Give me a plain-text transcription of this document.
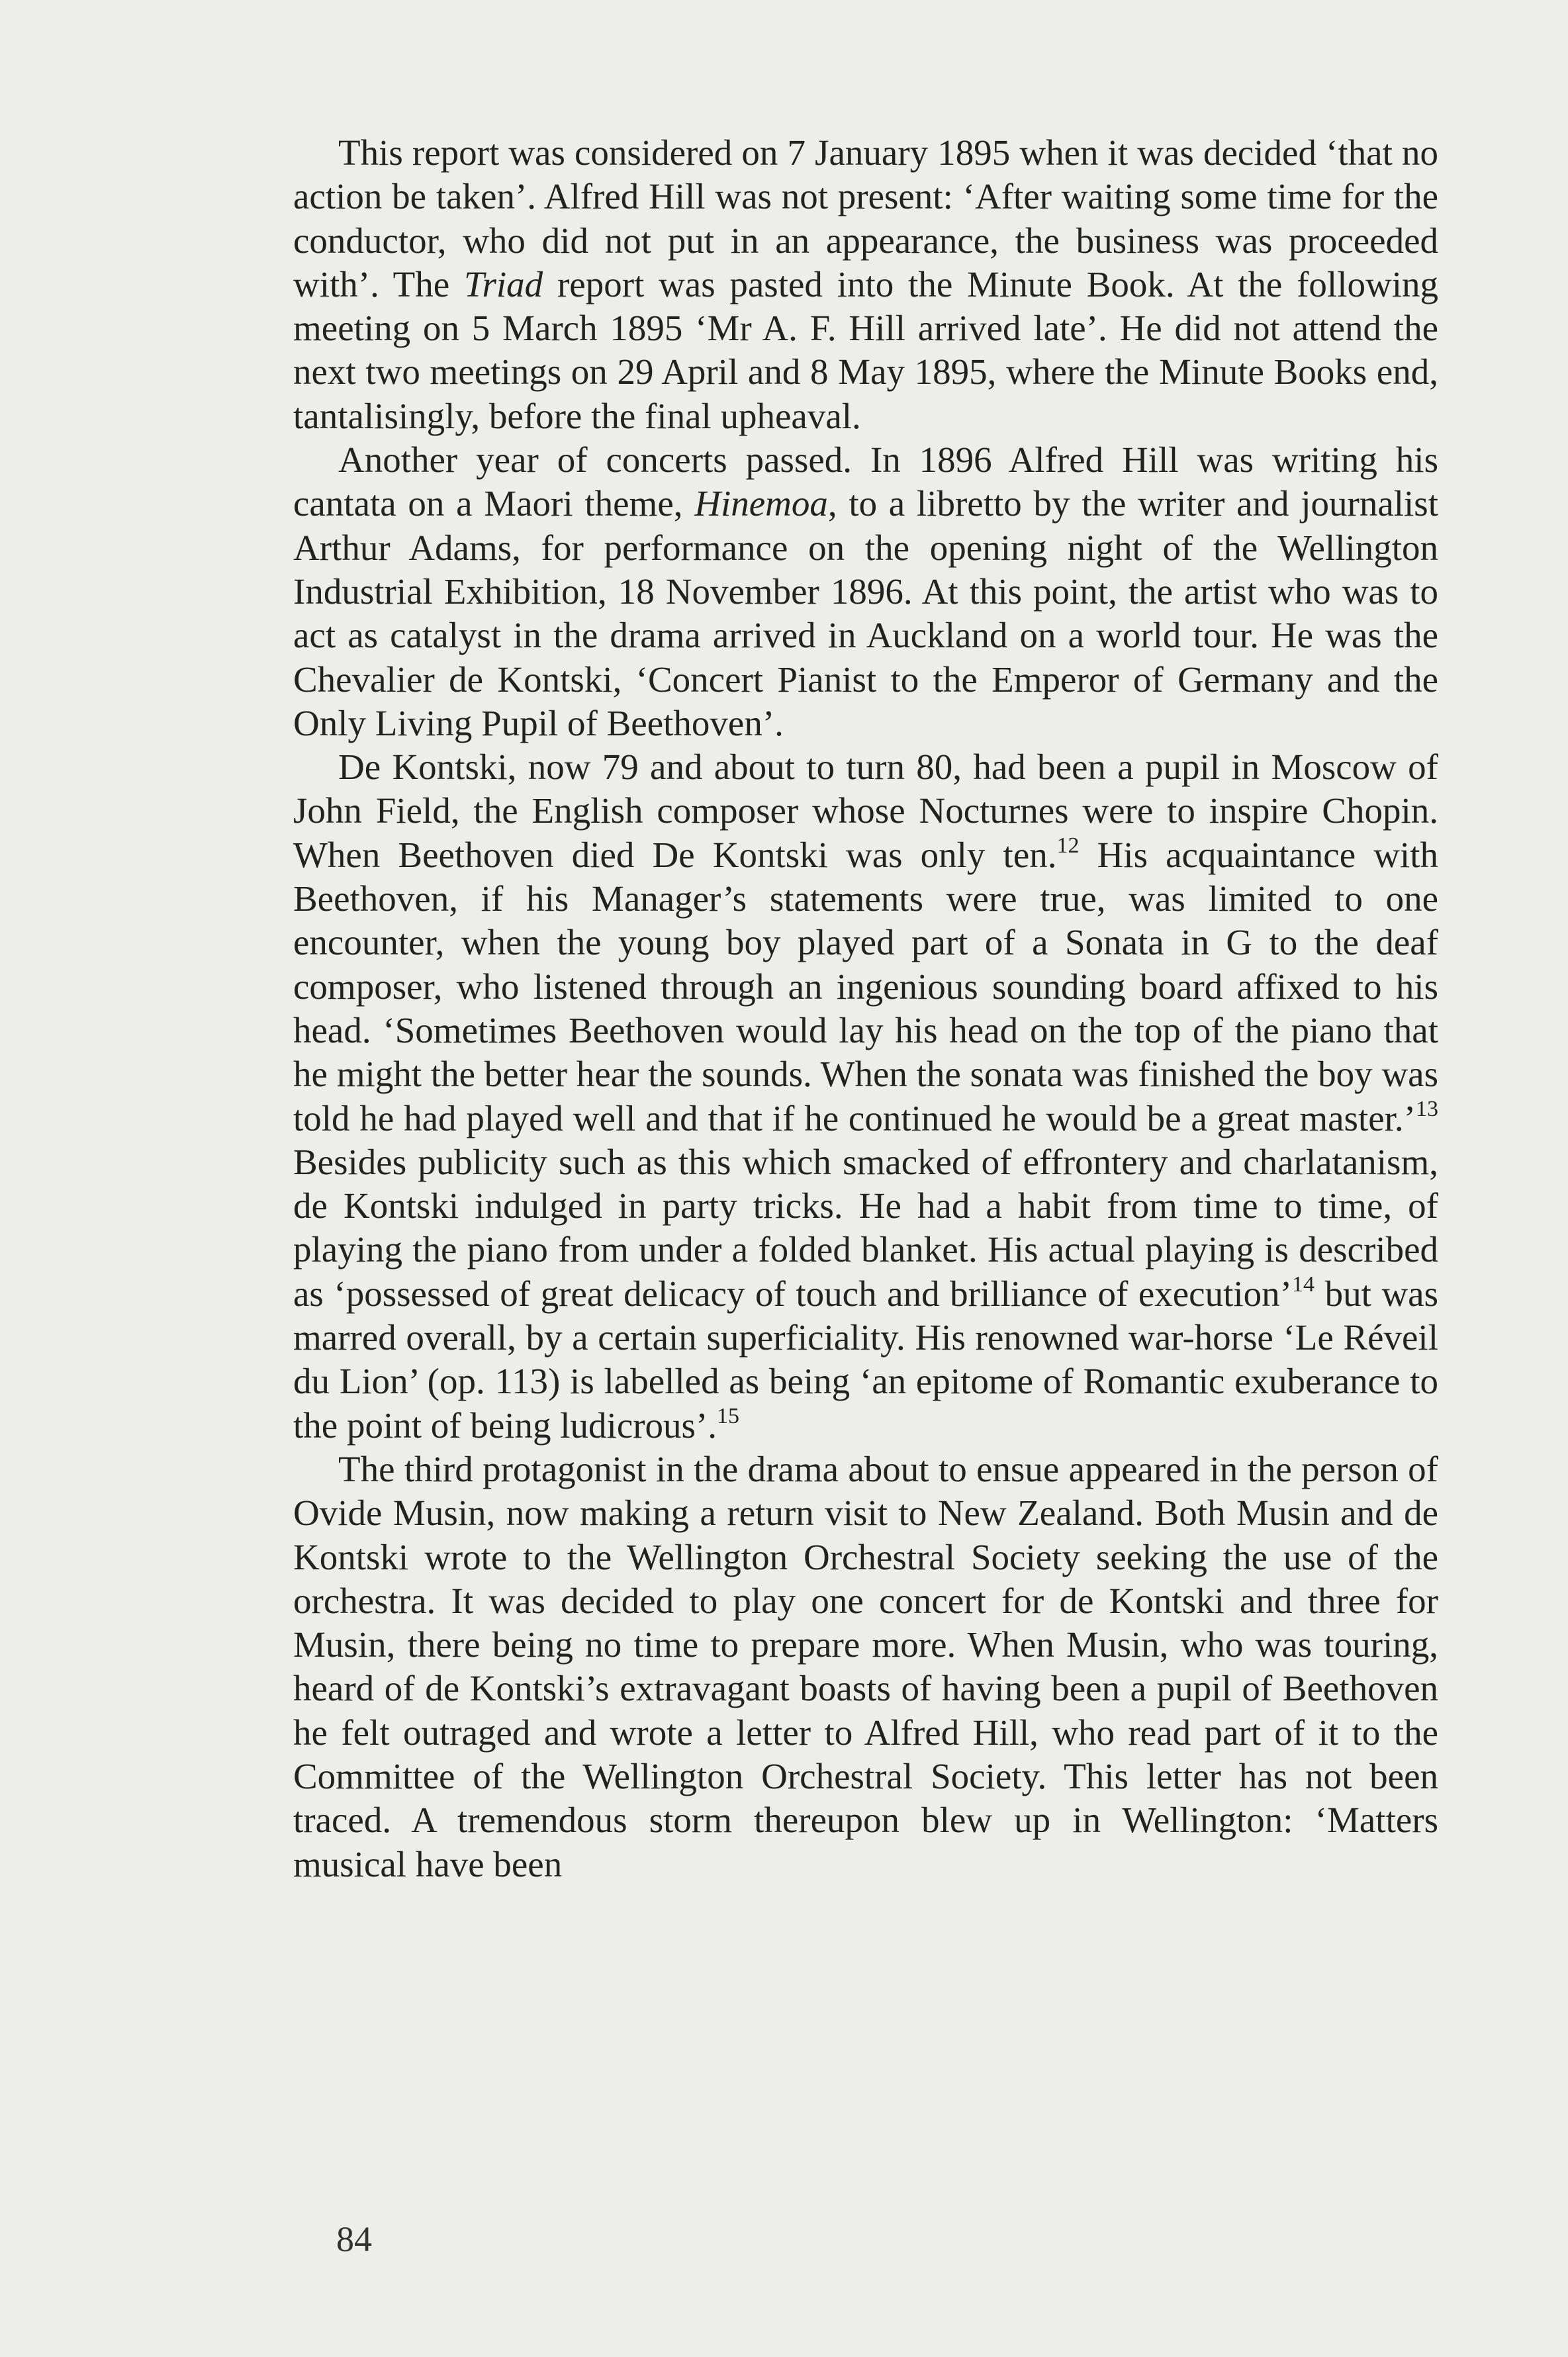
This report was considered on 7 January 1895 when it was decided ‘that no action be taken’. Alfred Hill was not present: ‘After waiting some time for the conductor, who did not put in an appearance, the business was proceeded with’. The Triad report was pasted into the Minute Book. At the following meeting on 5 March 1895 ‘Mr A. F. Hill arrived late’. He did not attend the next two meetings on 29 April and 8 May 1895, where the Minute Books end, tantalisingly, before the final upheaval.

Another year of concerts passed. In 1896 Alfred Hill was writing his cantata on a Maori theme, Hinemoa, to a libretto by the writer and journalist Arthur Adams, for performance on the opening night of the Wellington Industrial Exhibition, 18 November 1896. At this point, the artist who was to act as catalyst in the drama arrived in Auckland on a world tour. He was the Chevalier de Kontski, ‘Concert Pianist to the Emperor of Germany and the Only Living Pupil of Beethoven’.

De Kontski, now 79 and about to turn 80, had been a pupil in Moscow of John Field, the English composer whose Nocturnes were to inspire Chopin. When Beethoven died De Kontski was only ten.$^{12}$ His acquaintance with Beethoven, if his Manager’s statements were true, was limited to one encounter, when the young boy played part of a Sonata in G to the deaf composer, who listened through an ingenious sounding board affixed to his head. ‘Sometimes Beethoven would lay his head on the top of the piano that he might the better hear the sounds. When the sonata was finished the boy was told he had played well and that if he continued he would be a great master.’$^{13}$ Besides publicity such as this which smacked of effrontery and charlatanism, de Kontski indulged in party tricks. He had a habit from time to time, of playing the piano from under a folded blanket. His actual playing is described as ‘possessed of great delicacy of touch and brilliance of execution’$^{14}$ but was marred overall, by a certain superficiality. His renowned war-horse ‘Le Réveil du Lion’ (op. 113) is labelled as being ‘an epitome of Romantic exuberance to the point of being ludicrous’.$^{15}$

The third protagonist in the drama about to ensue appeared in the person of Ovide Musin, now making a return visit to New Zealand. Both Musin and de Kontski wrote to the Wellington Orchestral Society seeking the use of the orchestra. It was decided to play one concert for de Kontski and three for Musin, there being no time to prepare more. When Musin, who was touring, heard of de Kontski’s extravagant boasts of having been a pupil of Beethoven he felt outraged and wrote a letter to Alfred Hill, who read part of it to the Committee of the Wellington Orchestral Society. This letter has not been traced. A tremendous storm thereupon blew up in Wellington: ‘Matters musical have been

84
